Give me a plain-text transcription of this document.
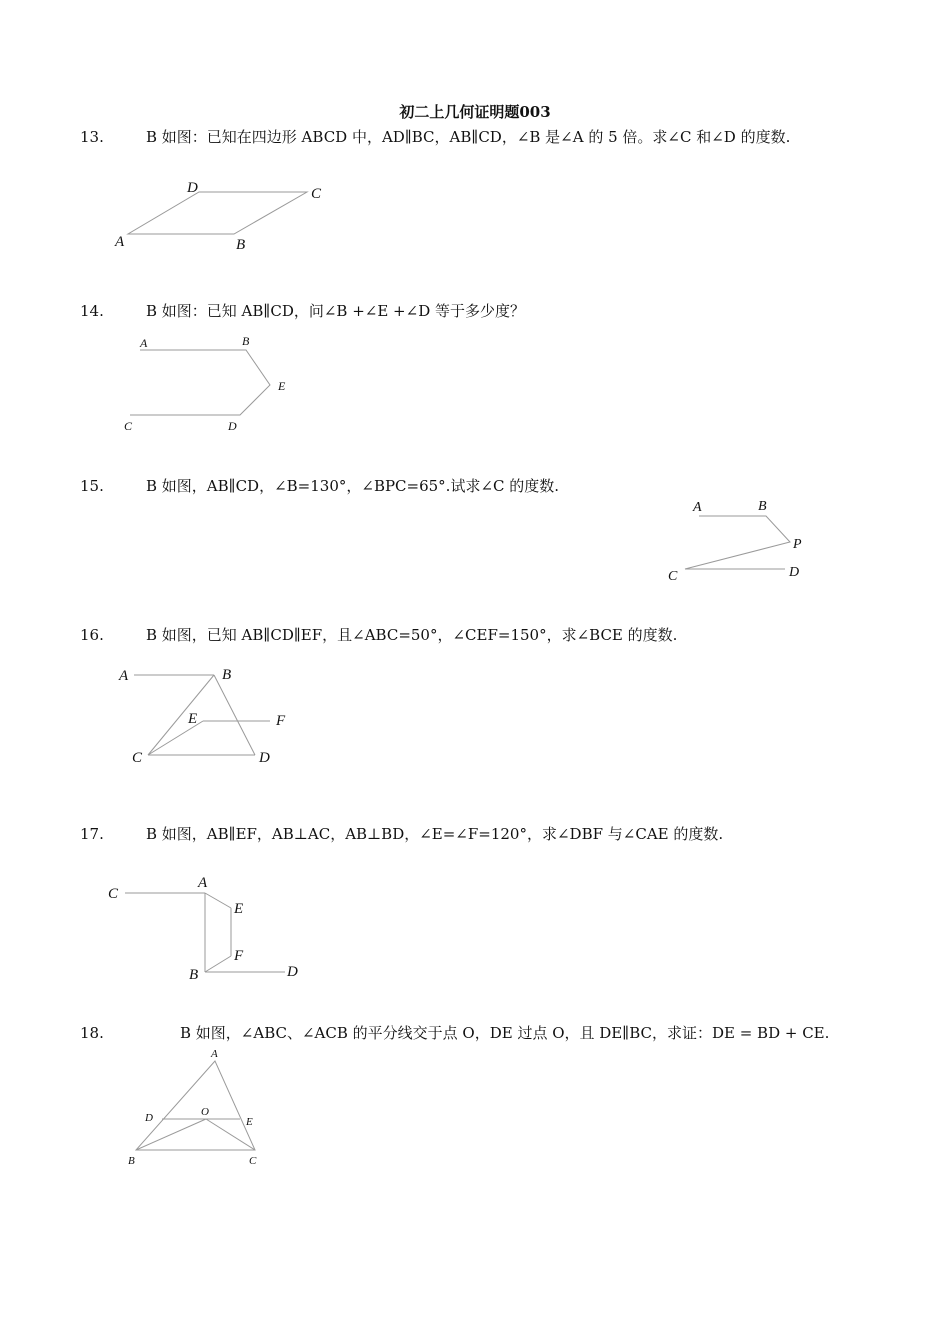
初二上几何证明题003
13.	B 如图：已知在四边形 ABCD 中，AD∥BC，AB∥CD，∠B 是∠A 的 5 倍。求∠C 和∠D 的度数.
A	B
C
D
14.	B 如图：已知 AB∥CD，问∠B +∠E +∠D 等于多少度？
A	B
E
C	D
15.	B 如图，AB∥CD，∠B=130°，∠BPC=65°.试求∠C 的度数.
A	B
P
C	D
16.	B 如图，已知 AB∥CD∥EF，且∠ABC=50°，∠CEF=150°，求∠BCE 的度数.
A	B
E	F
C	D
17.	B 如图，AB∥EF，AB⊥AC，AB⊥BD，∠E=∠F=120°，求∠DBF 与∠CAE 的度数.
C
A
E
F
B	D
18.	B 如图，∠ABC、∠ACB 的平分线交于点 O，DE 过点 O，且 DE∥BC，求证：DE = BD + CE.
A
D	O
E
B	C
